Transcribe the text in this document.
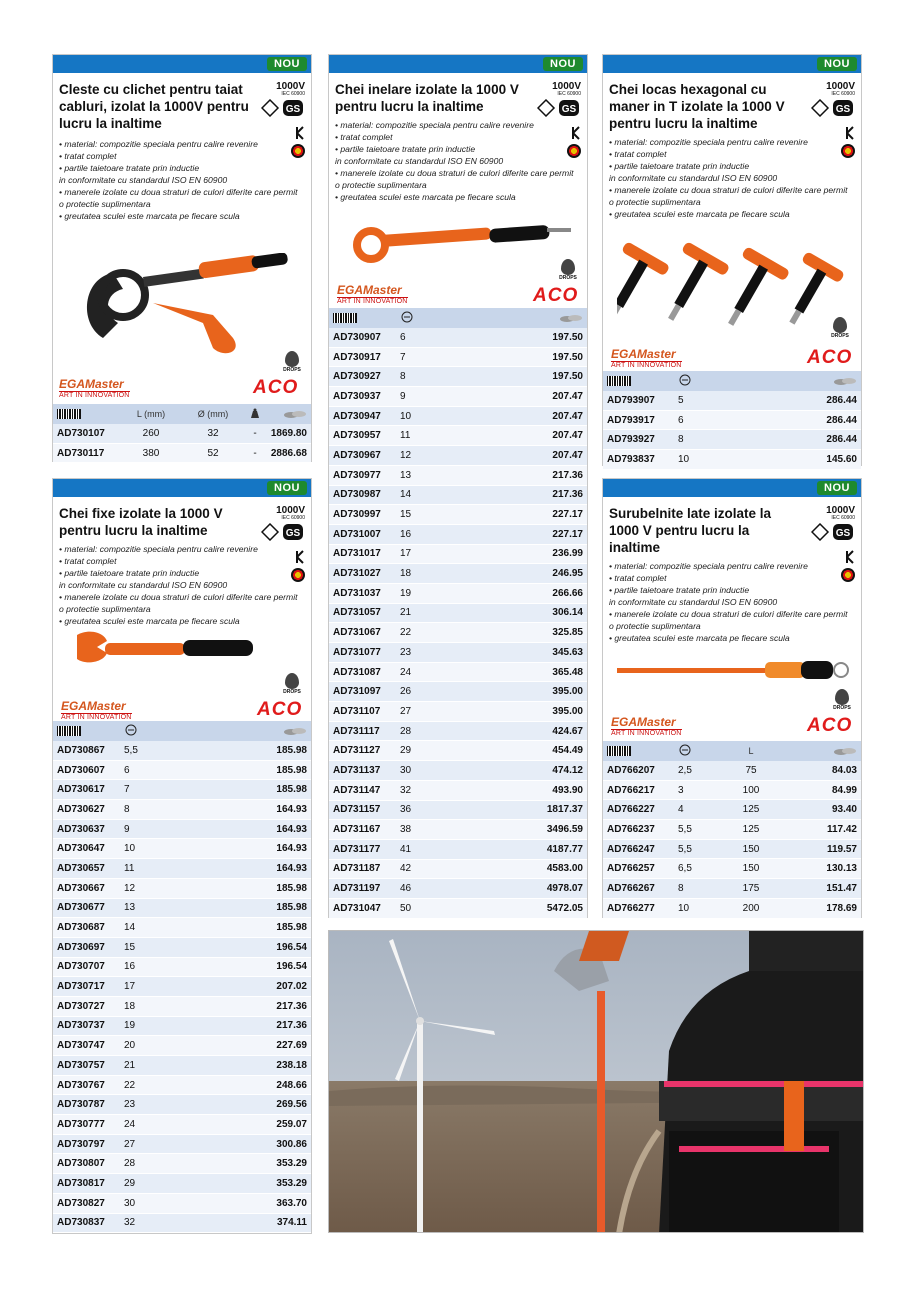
NOU
Cleste cu clichet pentru taiat cabluri, izolat la 1000V pentru lucru la inaltime
• material: compozitie speciala pentru calire revenire
• tratat complet
• partile taietoare tratate prin inductie
in conformitate cu standardul ISO EN 60900
• manerele izolate cu doua straturi de culori diferite care permit
o protectie suplimentara
• greutatea sculei este marcata pe fiecare scula
1000V
IEC 60900
GS
EGAMaster
ART IN INNOVATION
DROPS
ACO
	L (mm)	Ø (mm)		
AD730107	260	32	-	1869.80
AD730117	380	52	-	2886.68
NOU
Chei inelare izolate la 1000 V pentru lucru la inaltime
• material: compozitie speciala pentru calire revenire
• tratat complet
• partile taietoare tratate prin inductie
in conformitate cu standardul ISO EN 60900
• manerele izolate cu doua straturi de culori diferite care permit
o protectie suplimentara
• greutatea sculei este marcata pe fiecare scula
1000V
IEC 60900
GS
EGAMaster
ART IN INNOVATION
DROPS
ACO

AD730907	6	197.50
AD730917	7	197.50
AD730927	8	197.50
AD730937	9	207.47
AD730947	10	207.47
AD730957	11	207.47
AD730967	12	207.47
AD730977	13	217.36
AD730987	14	217.36
AD730997	15	227.17
AD731007	16	227.17
AD731017	17	236.99
AD731027	18	246.95
AD731037	19	266.66
AD731057	21	306.14
AD731067	22	325.85
AD731077	23	345.63
AD731087	24	365.48
AD731097	26	395.00
AD731107	27	395.00
AD731117	28	424.67
AD731127	29	454.49
AD731137	30	474.12
AD731147	32	493.90
AD731157	36	1817.37
AD731167	38	3496.59
AD731177	41	4187.77
AD731187	42	4583.00
AD731197	46	4978.07
AD731047	50	5472.05
NOU
Chei locas hexagonal cu maner in T izolate la 1000 V pentru lucru la inaltime
• material: compozitie speciala pentru calire revenire
• tratat complet
• partile taietoare tratate prin inductie
in conformitate cu standardul ISO EN 60900
• manerele izolate cu doua straturi de culori diferite care permit
o protectie suplimentara
• greutatea sculei este marcata pe fiecare scula
1000V
IEC 60900
GS
EGAMaster
ART IN INNOVATION
DROPS
ACO

AD793907	5	286.44
AD793917	6	286.44
AD793927	8	286.44
AD793837	10	145.60
NOU
Chei fixe izolate la 1000 V pentru lucru la inaltime
• material: compozitie speciala pentru calire revenire
• tratat complet
• partile taietoare tratate prin inductie
in conformitate cu standardul ISO EN 60900
• manerele izolate cu doua straturi de culori diferite care permit
o protectie suplimentara
• greutatea sculei este marcata pe fiecare scula
1000V
IEC 60900
GS
EGAMaster
ART IN INNOVATION
DROPS
ACO

AD730867	5,5	185.98
AD730607	6	185.98
AD730617	7	185.98
AD730627	8	164.93
AD730637	9	164.93
AD730647	10	164.93
AD730657	11	164.93
AD730667	12	185.98
AD730677	13	185.98
AD730687	14	185.98
AD730697	15	196.54
AD730707	16	196.54
AD730717	17	207.02
AD730727	18	217.36
AD730737	19	217.36
AD730747	20	227.69
AD730757	21	238.18
AD730767	22	248.66
AD730787	23	269.56
AD730777	24	259.07
AD730797	27	300.86
AD730807	28	353.29
AD730817	29	353.29
AD730827	30	363.70
AD730837	32	374.11
NOU
Surubelnite late izolate la 1000 V pentru lucru la inaltime
• material: compozitie speciala pentru calire revenire
• tratat complet
• partile taietoare tratate prin inductie
in conformitate cu standardul ISO EN 60900
• manerele izolate cu doua straturi de culori diferite care permit
o protectie suplimentara
• greutatea sculei este marcata pe fiecare scula
1000V
IEC 60900
GS
EGAMaster
ART IN INNOVATION
DROPS
ACO
		L	
AD766207	2,5	75	84.03
AD766217	3	100	84.99
AD766227	4	125	93.40
AD766237	5,5	125	117.42
AD766247	5,5	150	119.57
AD766257	6,5	150	130.13
AD766267	8	175	151.47
AD766277	10	200	178.69
